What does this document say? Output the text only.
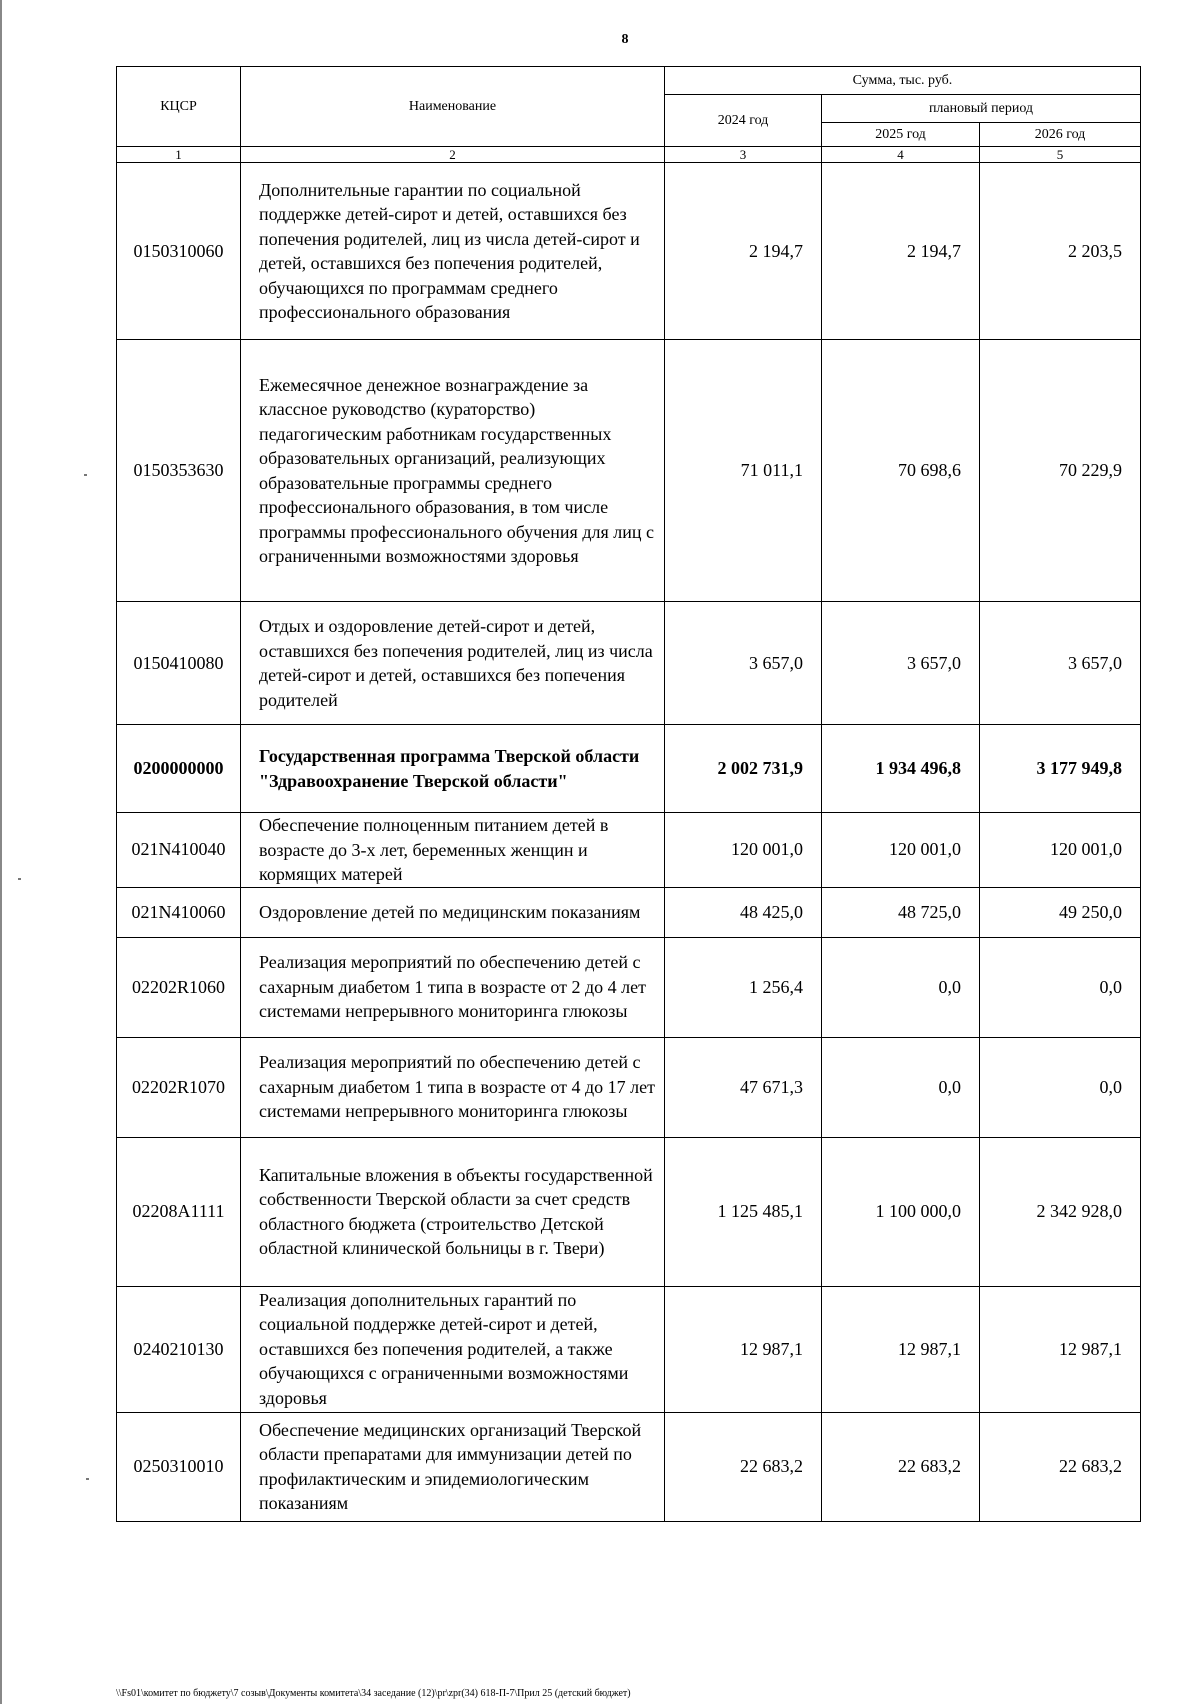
8
КЦСР	Наименование	Сумма, тыс. руб.		
		2024 год	плановый период	
			2025 год	2026 год
1	2	3	4	5
0150310060	Дополнительные гарантии по социальной поддержке детей-сирот и детей, оставшихся без попечения родителей, лиц из числа детей-сирот и детей, оставшихся без попечения родителей, обучающихся по программам среднего профессионального образования	2 194,7	2 194,7	2 203,5
0150353630	Ежемесячное денежное вознаграждение за классное руководство (кураторство) педагогическим работникам государственных образовательных организаций, реализующих образовательные программы среднего профессионального образования, в том числе программы профессионального обучения для лиц с ограниченными возможностями здоровья	71 011,1	70 698,6	70 229,9
0150410080	Отдых и оздоровление детей-сирот и детей, оставшихся без попечения родителей, лиц из числа детей-сирот и детей, оставшихся без попечения родителей	3 657,0	3 657,0	3 657,0
0200000000	Государственная программа Тверской области "Здравоохранение Тверской области"	2 002 731,9	1 934 496,8	3 177 949,8
021N410040	Обеспечение полноценным питанием детей в возрасте до 3-х лет, беременных женщин и кормящих матерей	120 001,0	120 001,0	120 001,0
021N410060	Оздоровление детей по медицинским показаниям	48 425,0	48 725,0	49 250,0
02202R1060	Реализация мероприятий по обеспечению детей с сахарным диабетом 1 типа в возрасте от 2 до 4 лет системами непрерывного мониторинга глюкозы	1 256,4	0,0	0,0
02202R1070	Реализация мероприятий по обеспечению детей с сахарным диабетом 1 типа в возрасте от 4 до 17 лет системами непрерывного мониторинга глюкозы	47 671,3	0,0	0,0
02208A1111	Капитальные вложения в объекты государственной собственности Тверской области за счет средств областного бюджета (строительство Детской областной клинической больницы в г. Твери)	1 125 485,1	1 100 000,0	2 342 928,0
0240210130	Реализация дополнительных гарантий по социальной поддержке детей-сирот и детей, оставшихся без попечения родителей, а также обучающихся с ограниченными возможностями здоровья	12 987,1	12 987,1	12 987,1
0250310010	Обеспечение медицинских организаций Тверской области препаратами для иммунизации детей по профилактическим и эпидемиологическим показаниям	22 683,2	22 683,2	22 683,2
\\Fs01\комитет по бюджету\7 созыв\Документы комитета\34 заседание (12)\pr\zpr(34) 618-П-7\Прил 25 (детский бюджет)
